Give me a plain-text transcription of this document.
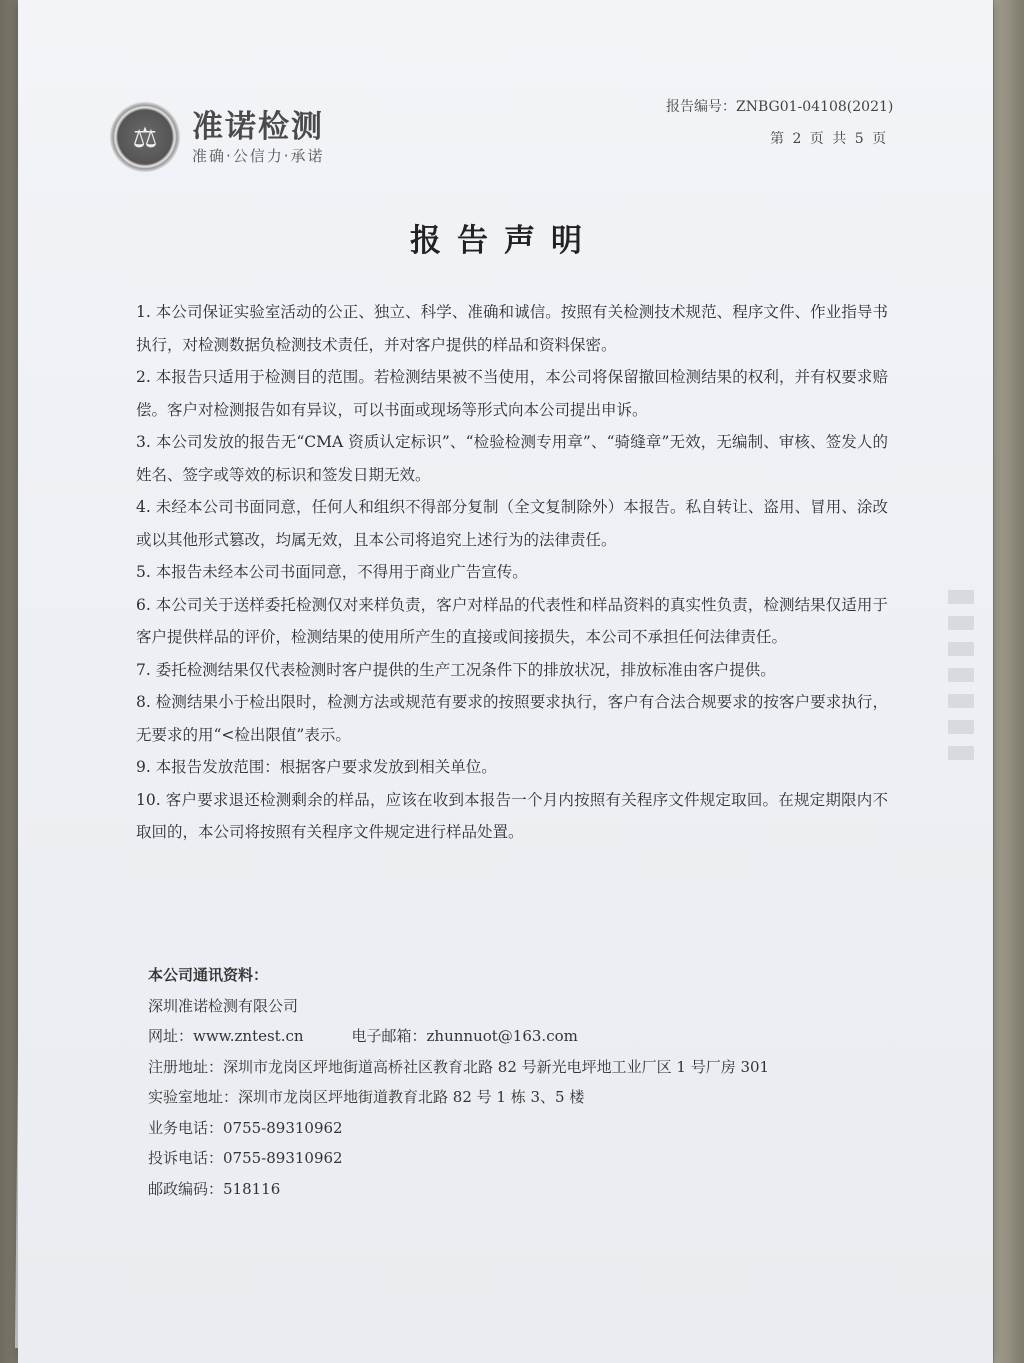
⚖ 准诺检测
准确·公信力·承诺
报告编号：ZNBG01-04108(2021)
第 2 页 共 5 页
报告声明
1. 本公司保证实验室活动的公正、独立、科学、准确和诚信。按照有关检测技术规范、程序文件、作业指导书执行，对检测数据负检测技术责任，并对客户提供的样品和资料保密。
2. 本报告只适用于检测目的范围。若检测结果被不当使用，本公司将保留撤回检测结果的权利，并有权要求赔偿。客户对检测报告如有异议，可以书面或现场等形式向本公司提出申诉。
3. 本公司发放的报告无“CMA 资质认定标识”、“检验检测专用章”、“骑缝章”无效，无编制、审核、签发人的姓名、签字或等效的标识和签发日期无效。
4. 未经本公司书面同意，任何人和组织不得部分复制（全文复制除外）本报告。私自转让、盗用、冒用、涂改或以其他形式篡改，均属无效，且本公司将追究上述行为的法律责任。
5. 本报告未经本公司书面同意，不得用于商业广告宣传。
6. 本公司关于送样委托检测仅对来样负责，客户对样品的代表性和样品资料的真实性负责，检测结果仅适用于客户提供样品的评价，检测结果的使用所产生的直接或间接损失，本公司不承担任何法律责任。
7. 委托检测结果仅代表检测时客户提供的生产工况条件下的排放状况，排放标准由客户提供。
8. 检测结果小于检出限时，检测方法或规范有要求的按照要求执行，客户有合法合规要求的按客户要求执行，无要求的用“<检出限值”表示。
9. 本报告发放范围：根据客户要求发放到相关单位。
10. 客户要求退还检测剩余的样品，应该在收到本报告一个月内按照有关程序文件规定取回。在规定期限内不取回的，本公司将按照有关程序文件规定进行样品处置。
本公司通讯资料：
深圳准诺检测有限公司
网址：www.zntest.cn	电子邮箱：zhunnuot@163.com
注册地址：深圳市龙岗区坪地街道高桥社区教育北路 82 号新光电坪地工业厂区 1 号厂房 301
实验室地址：深圳市龙岗区坪地街道教育北路 82 号 1 栋 3、5 楼
业务电话：0755-89310962
投诉电话：0755-89310962
邮政编码：518116
